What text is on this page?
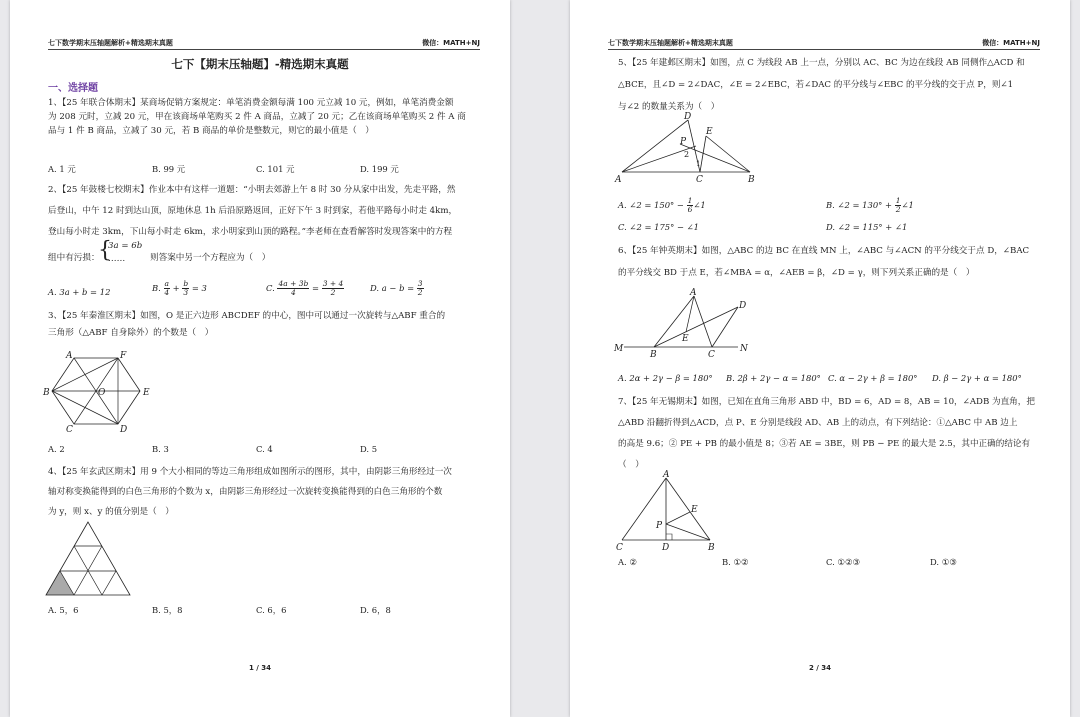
七下数学期末压轴题解析+精选期末真题	微信：MATH+NJ
七下【期末压轴题】-精选期末真题
一、选择题
1、【25 年联合体期末】某商场促销方案规定：单笔消费金额每满 100 元立减 10 元，例如，单笔消费金额
为 208 元时，立减 20 元，甲在该商场单笔购买 2 件 A 商品，立减了 20 元；乙在该商场单笔购买 2 件 A 商
品与 1 件 B 商品，立减了 30 元，若 B 商品的单价是整数元，则它的最小值是（　）
A. 1 元	B. 99 元	C. 101 元	D. 199 元
2、【25 年鼓楼七校期末】作业本中有这样一道题：“小明去郊游上午 8 时 30 分从家中出发，先走平路，然
后登山，中午 12 时到达山顶，原地休息 1h 后沿原路返回，正好下午 3 时到家，若他平路每小时走 4km，
登山每小时走 3km，下山每小时走 6km，求小明家到山顶的路程。”李老师在查看解答时发现答案中的方程
组中有污损：
{
3a = 6b
……	则答案中另一个方程应为（　）
A. 3a + b = 12	B. $\frac{a}{4} + \frac{b}{3} = 3$	C. $\frac{4a + 3b}{4} = \frac{3 + 4}{2}$	D. $a - b = \frac{3}{2}$
3、【25 年秦淮区期末】如图，O 是正六边形 ABCDEF 的中心，图中可以通过一次旋转与△ABF 重合的
三角形（△ABF 自身除外）的个数是（　）
A	F
B	O	E
C	D
A. 2	B. 3	C. 4	D. 5
4、【25 年玄武区期末】用 9 个大小相同的等边三角形组成如图所示的图形，其中，由阴影三角形经过一次
轴对称变换能得到的白色三角形的个数为 x，由阴影三角形经过一次旋转变换能得到的白色三角形的个数
为 y，则 x、y 的值分别是（　）
A. 5，6	B. 5，8	C. 6，6	D. 6，8
1 / 34
七下数学期末压轴题解析+精选期末真题	微信：MATH+NJ
5、【25 年建邺区期末】如图，点 C 为线段 AB 上一点，分别以 AC、BC 为边在线段 AB 同侧作△ACD 和
△BCE，且∠D = 2∠DAC，∠E = 2∠EBC，若∠DAC 的平分线与∠EBC 的平分线的交于点 P，则∠1
与∠2 的数量关系为（　）
D
E
P
2
1
A	C	B
A. ∠2 = $150^\circ - \frac{1}{6}$ ∠1	B. ∠2 = $130^\circ + \frac{1}{2}$ ∠1
C. ∠2 = 175° − ∠1	D. ∠2 = 115° + ∠1
6、【25 年钟英期末】如图，△ABC 的边 BC 在直线 MN 上，∠ABC 与∠ACN 的平分线交于点 D，∠BAC
的平分线交 BD 于点 E，若∠MBA = α，∠AEB = β，∠D = γ，则下列关系正确的是（　）
A
D
E
M
B	C
N
A. 2α + 2γ − β = 180° B. 2β + 2γ − α = 180° C. α − 2γ + β = 180° D. β − 2γ + α = 180°
7、【25 年无锡期末】如图，已知在直角三角形 ABD 中，BD = 6，AD = 8，AB = 10，∠ADB 为直角，把
△ABD 沿翻折得到△ACD，点 P、E 分别是线段 AD、AB 上的动点，有下列结论：①△ABC 中 AB 边上
的高是 9.6；② PE + PB 的最小值是 8；③若 AE = 3BE，则 PB − PE 的最大是 2.5，其中正确的结论有
（　）
A
E
P
C	D	B
A. ②	B. ①②	C. ①②③	D. ①③
2 / 34
